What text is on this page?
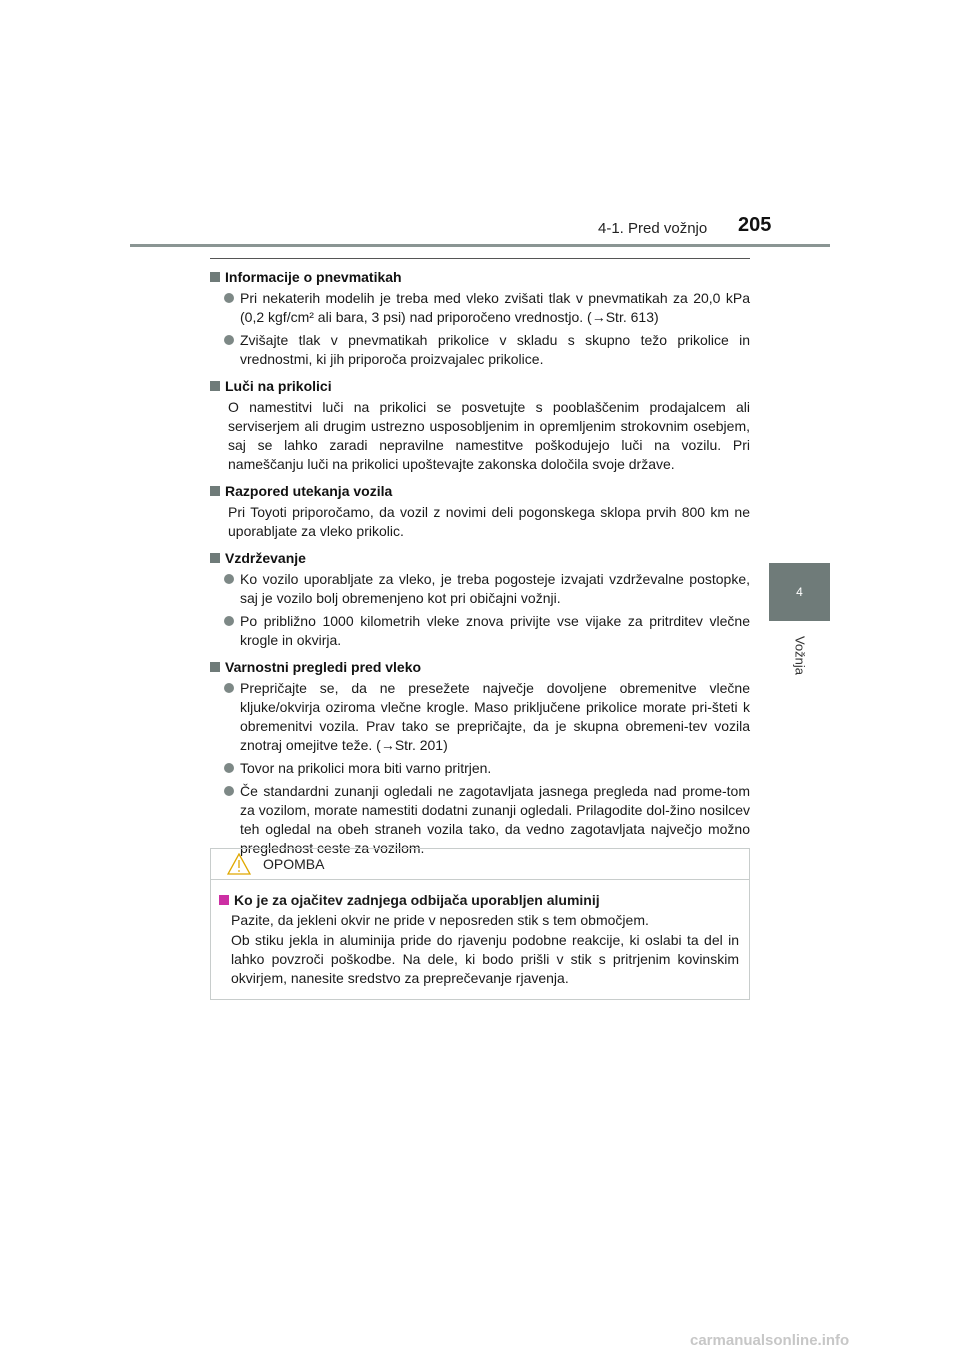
4-1. Pred vožnjo 205
4
Vožnja
Informacije o pnevmatikah
Pri nekaterih modelih je treba med vleko zvišati tlak v pnevmatikah za 20,0 kPa (0,2 kgf/cm² ali bara, 3 psi) nad priporočeno vrednostjo. (→Str. 613)
Zvišajte tlak v pnevmatikah prikolice v skladu s skupno težo prikolice in vrednostmi, ki jih priporoča proizvajalec prikolice.
Luči na prikolici
O namestitvi luči na prikolici se posvetujte s pooblaščenim prodajalcem ali serviserjem ali drugim ustrezno usposobljenim in opremljenim strokovnim osebjem, saj se lahko zaradi nepravilne namestitve poškodujejo luči na vozilu. Pri nameščanju luči na prikolici upoštevajte zakonska določila svoje države.
Razpored utekanja vozila
Pri Toyoti priporočamo, da vozil z novimi deli pogonskega sklopa prvih 800 km ne uporabljate za vleko prikolic.
Vzdrževanje
Ko vozilo uporabljate za vleko, je treba pogosteje izvajati vzdrževalne postopke, saj je vozilo bolj obremenjeno kot pri običajni vožnji.
Po približno 1000 kilometrih vleke znova privijte vse vijake za pritrditev vlečne krogle in okvirja.
Varnostni pregledi pred vleko
Prepričajte se, da ne presežete največje dovoljene obremenitve vlečne kljuke/okvirja oziroma vlečne krogle. Maso priključene prikolice morate pri-šteti k obremenitvi vozila. Prav tako se prepričajte, da je skupna obremeni-tev vozila znotraj omejitve teže. (→Str. 201)
Tovor na prikolici mora biti varno pritrjen.
Če standardni zunanji ogledali ne zagotavljata jasnega pregleda nad prome-tom za vozilom, morate namestiti dodatni zunanji ogledali. Prilagodite dol-žino nosilcev teh ogledal na obeh straneh vozila tako, da vedno zagotavljata največjo možno preglednost ceste za vozilom.
OPOMBA
Ko je za ojačitev zadnjega odbijača uporabljen aluminij
Pazite, da jekleni okvir ne pride v neposreden stik s tem območjem.
Ob stiku jekla in aluminija pride do rjavenju podobne reakcije, ki oslabi ta del in lahko povzroči poškodbe. Na dele, ki bodo prišli v stik s pritrjenim kovinskim okvirjem, nanesite sredstvo za preprečevanje rjavenja.
carmanualsonline.info
